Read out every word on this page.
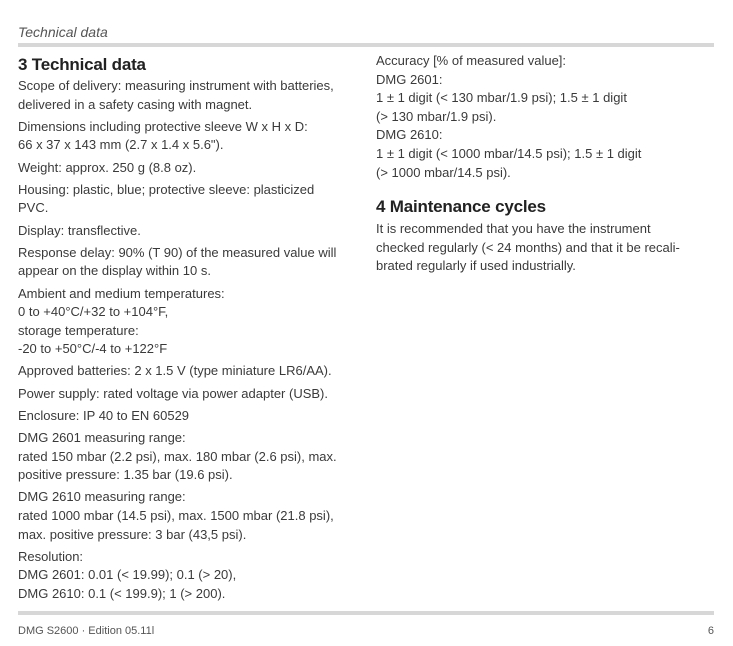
Technical data
3 Technical data

Scope of delivery: measuring instrument with batteries,
delivered in a safety casing with magnet.

Dimensions including protective sleeve W x H x D:
66 x 37 x 143 mm (2.7 x 1.4 x 5.6").

Weight: approx. 250 g (8.8 oz).

Housing: plastic, blue; protective sleeve: plasticized
PVC.

Display: transflective.

Response delay: 90% (T 90) of the measured value will
appear on the display within 10 s.

Ambient and medium temperatures:
0 to +40°C/+32 to +104°F,
storage temperature:
-20 to +50°C/-4 to +122°F

Approved batteries: 2 x 1.5 V (type miniature LR6/AA).

Power supply: rated voltage via power adapter (USB).

Enclosure: IP 40 to EN 60529

DMG 2601 measuring range:
rated 150 mbar (2.2 psi), max. 180 mbar (2.6 psi), max.
positive pressure: 1.35 bar (19.6 psi).

DMG 2610 measuring range:
rated 1000 mbar (14.5 psi), max. 1500 mbar (21.8 psi),
max. positive pressure: 3 bar (43,5 psi).

Resolution:
DMG 2601: 0.01 (< 19.99); 0.1 (> 20),
DMG 2610: 0.1 (< 199.9); 1 (> 200).

Accuracy [% of measured value]:
DMG 2601:
1 ± 1 digit (< 130 mbar/1.9 psi); 1.5 ± 1 digit
(> 130 mbar/1.9 psi).
DMG 2610:
1 ± 1 digit (< 1000 mbar/14.5 psi); 1.5 ± 1 digit
(> 1000 mbar/14.5 psi).

4 Maintenance cycles

It is recommended that you have the instrument
checked regularly (< 24 months) and that it be recali-
brated regularly if used industrially.

DMG S2600 · Edition 05.11l	6
